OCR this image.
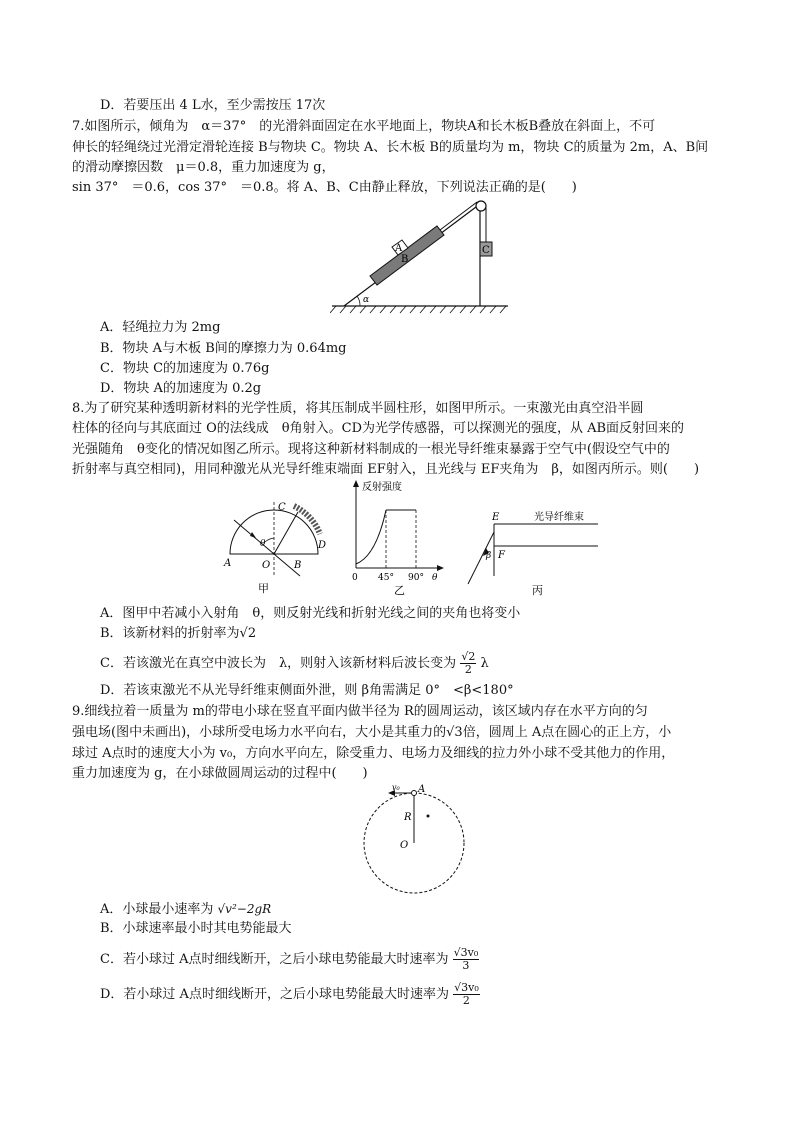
D．若要压出 4 L水，至少需按压 17次
7.如图所示，倾角为　α＝37°　的光滑斜面固定在水平地面上，物块A和长木板B叠放在斜面上，不可
伸长的轻绳绕过光滑定滑轮连接 B与物块 C。物块 A、长木板 B的质量均为 m，物块 C的质量为 2m，A、B间
的滑动摩擦因数　μ＝0.8，重力加速度为 g，
sin 37°　＝0.6，cos 37°　＝0.8。将 A、B、C由静止释放，下列说法正确的是(　　)
A
B
C
α
A．轻绳拉力为 2mg
B．物块 A与木板 B间的摩擦力为 0.64mg
C．物块 C的加速度为 0.76g
D．物块 A的加速度为 0.2g
8.为了研究某种透明新材料的光学性质，将其压制成半圆柱形，如图甲所示。一束激光由真空沿半圆
柱体的径向与其底面过 O的法线成　θ角射入。CD为光学传感器，可以探测光的强度，从 AB面反射回来的
光强随角　θ变化的情况如图乙所示。现将这种新材料制成的一根光导纤维束暴露于空气中(假设空气中的
折射率与真空相同)，用同种激光从光导纤维束端面 EF射入，且光线与 EF夹角为　β，如图丙所示。则(　　)
C
D
A	O B
θ
甲
反射强度
0 45° 90° θ
乙
E
F
β
光导纤维束
丙
A．图甲中若减小入射角　θ，则反射光线和折射光线之间的夹角也将变小
B．该新材料的折射率为√2
C．若该激光在真空中波长为　λ，则射入该新材料后波长变为 $\frac{√2}{2}$ λ
D．若该束激光不从光导纤维束侧面外泄，则 β角需满足 0°　<β<180°
9.细线拉着一质量为 m的带电小球在竖直平面内做半径为 R的圆周运动，该区域内存在水平方向的匀
强电场(图中未画出)，小球所受电场力水平向右，大小是其重力的√3倍，圆周上 A点在圆心的正上方，小
球过 A点时的速度大小为 v₀，方向水平向左，除受重力、电场力及细线的拉力外小球不受其他力的作用，
重力加速度为 g，在小球做圆周运动的过程中(　　)
v₀ A
R
O
A．小球最小速率为 √v²−2gR
B．小球速率最小时其电势能最大
C．若小球过 A点时细线断开，之后小球电势能最大时速率为 $\frac{\text{√3v₀}}{3}$
D．若小球过 A点时细线断开，之后小球电势能最大时速率为 $\frac{\text{√3v₀}}{2}$
